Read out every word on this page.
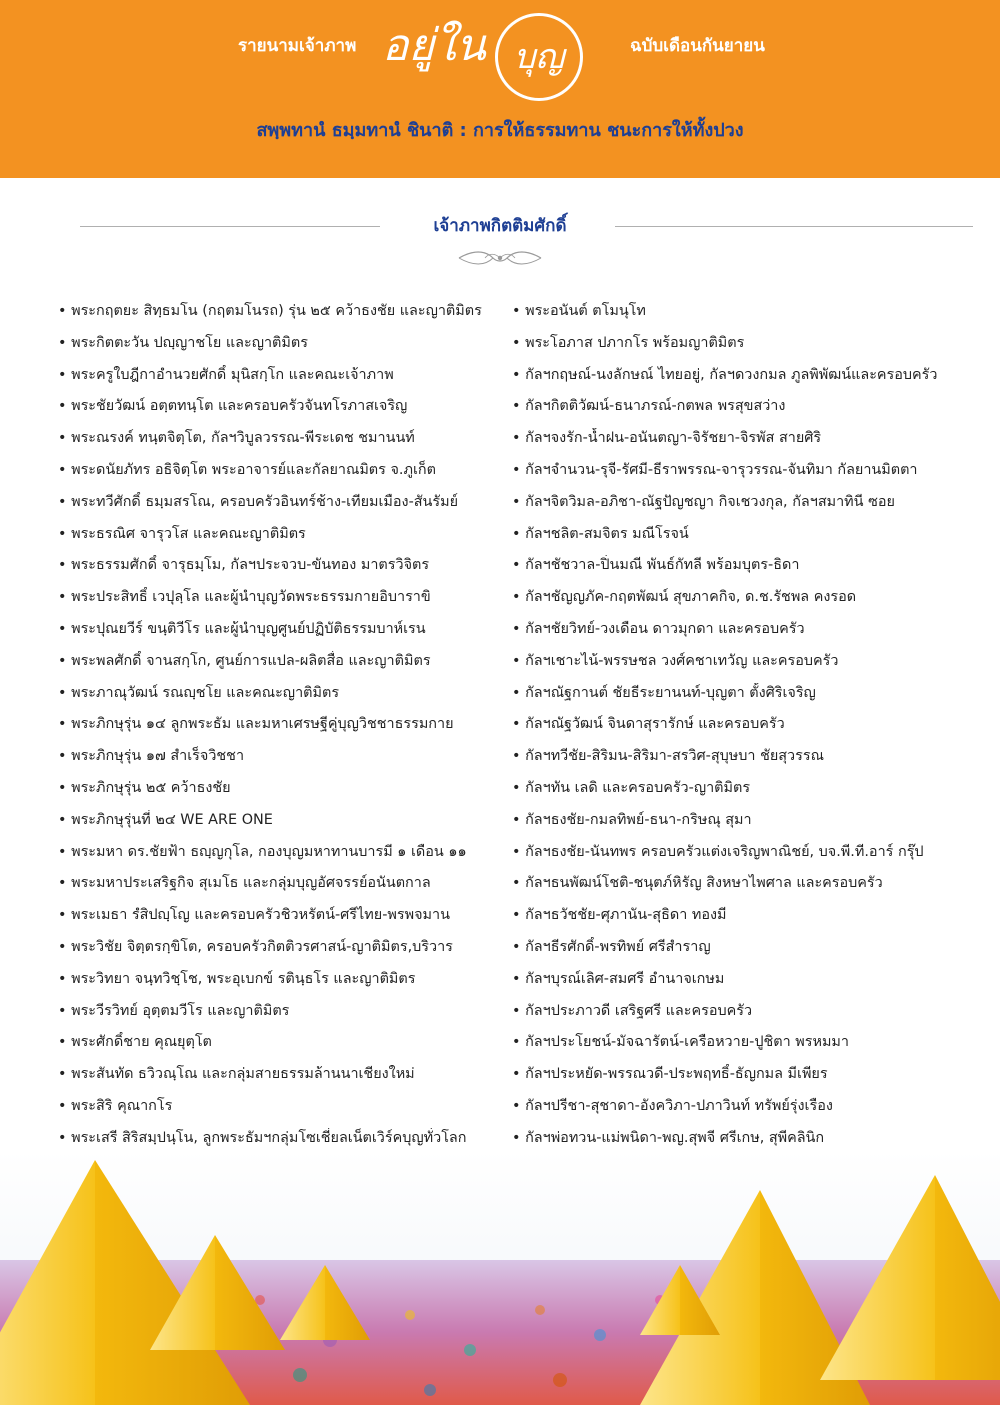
รายนามเจ้าภาพ อยู่ใน บุญ	ฉบับเดือนกันยายน
สพฺพทานํ ธมฺมทานํ ชินาติ : การให้ธรรมทาน ชนะการให้ทั้งปวง
เจ้าภาพกิตติมศักดิ์
• พระกฤตยะ สิทฺธมโน (กฤตมโนรถ) รุ่น ๒๕ คว้าธงชัย และญาติมิตร
• พระกิตตะวัน ปญฺญาชโย และญาติมิตร
• พระครูใบฎีกาอำนวยศักดิ์ มุนิสกฺโก และคณะเจ้าภาพ
• พระชัยวัฒน์ อตฺตทนฺโต และครอบครัวจันทโรภาสเจริญ
• พระณรงค์ ทนฺตจิตฺโต, กัลฯวิบูลวรรณ-พีระเดช ชมานนท์
• พระดนัยภัทร อธิจิตฺโต พระอาจารย์และกัลยาณมิตร จ.ภูเก็ต
• พระทวีศักดิ์ ธมฺมสรโณ, ครอบครัวอินทร์ช้าง-เทียมเมือง-สันรัมย์
• พระธรณิศ จารุวโส และคณะญาติมิตร
• พระธรรมศักดิ์ จารุธมฺโม, กัลฯประจวบ-ขันทอง มาตรวิจิตร
• พระประสิทธิ์ เวปุลฺโล และผู้นำบุญวัดพระธรรมกายอิบาราขิ
• พระปุณยวีร์ ขนฺติวีโร และผู้นำบุญศูนย์ปฏิบัติธรรมบาห์เรน
• พระพลศักดิ์ จานสกฺโก, ศูนย์การแปล-ผลิตสื่อ และญาติมิตร
• พระภาณุวัฒน์ รณญฺชโย และคณะญาติมิตร
• พระภิกษุรุ่น ๑๔ ลูกพระธัม และมหาเศรษฐีคู่บุญวิชชาธรรมกาย
• พระภิกษุรุ่น ๑๗ สำเร็จวิชชา
• พระภิกษุรุ่น ๒๕ คว้าธงชัย
• พระภิกษุรุ่นที่ ๒๔ WE ARE ONE
• พระมหา ดร.ชัยฟ้า ธญฺญกุโล, กองบุญมหาทานบารมี ๑ เดือน ๑๑
• พระมหาประเสริฐกิจ สุเมโธ และกลุ่มบุญอัศจรรย์อนันตกาล
• พระเมธา รํสิปญฺโญ และครอบครัวชิวหรัตน์-ศรีไทย-พรพจมาน
• พระวิชัย จิตฺตรกฺขิโต, ครอบครัวกิตติวรศาสน์-ญาติมิตร,บริวาร
• พระวิทยา จนฺทวิชฺโช, พระอุเบกข์ รตินฺธโร และญาติมิตร
• พระวีรวิทย์ อุตฺตมวีโร และญาติมิตร
• พระศักดิ์ชาย คุณยุตฺโต
• พระสันทัด ธวิวณฺโณ และกลุ่มสายธรรมล้านนาเชียงใหม่
• พระสิริ คุณากโร
• พระเสรี สิริสมฺปนฺโน, ลูกพระธัมฯกลุ่มโซเชี่ยลเน็ตเวิร์คบุญทั่วโลก
• พระอนันต์ ตโมนุโท
• พระโอภาส ปภากโร พร้อมญาติมิตร
• กัลฯกฤษณ์-นงลักษณ์ ไทยอยู่, กัลฯดวงกมล ภูลพิพัฒน์และครอบครัว
• กัลฯกิตติวัฒน์-ธนาภรณ์-กตพล พรสุขสว่าง
• กัลฯจงรัก-น้ำฝน-อนันตญา-จิรัชยา-จิรพัส สายศิริ
• กัลฯจำนวน-รุจี-รัศมี-ธีราพรรณ-จารุวรรณ-จันทิมา กัลยานมิตตา
• กัลฯจิตวิมล-อภิชา-ณัฐปัญชญา กิจเชวงกุล, กัลฯสมาทินี ซอย
• กัลฯชลิต-สมจิตร มณีโรจน์
• กัลฯชัชวาล-ปิ่นมณี พันธ์กัทลี พร้อมบุตร-ธิดา
• กัลฯชัญญภัค-กฤตพัฒน์ สุขภาคกิจ, ด.ช.รัชพล คงรอด
• กัลฯชัยวิทย์-วงเดือน ดาวมุกดา และครอบครัว
• กัลฯเชาะไน้-พรรษชล วงศ์คชาเทวัญ และครอบครัว
• กัลฯณัฐกานต์ ชัยธีระยานนท์-บุญตา ตั้งศิริเจริญ
• กัลฯณัฐวัฒน์ จินดาสุรารักษ์ และครอบครัว
• กัลฯทวีชัย-สิริมน-สิริมา-สรวิศ-สุบุษบา ชัยสุวรรณ
• กัลฯทัน เลดิ และครอบครัว-ญาติมิตร
• กัลฯธงชัย-กมลทิพย์-ธนา-กริษณุ สุมา
• กัลฯธงชัย-นันทพร ครอบครัวแต่งเจริญพาณิชย์, บจ.พี.ที.อาร์ กรุ๊ป
• กัลฯธนพัฒน์โชติ-ชนุตภ์หิรัญ สิงหษาไพศาล และครอบครัว
• กัลฯธวัชชัย-ศุภานัน-สุธิดา ทองมี
• กัลฯธีรศักดิ์-พรทิพย์ ศรีสำราญ
• กัลฯบุรณ์เลิศ-สมศรี อำนาจเกษม
• กัลฯประภาวดี เสริฐศรี และครอบครัว
• กัลฯประโยชน์-มัจฉารัตน์-เครือหวาย-ปูชิตา พรหมมา
• กัลฯประหยัด-พรรณวดี-ประพฤทธิ์-ธัญกมล มีเพียร
• กัลฯปรีชา-สุชาดา-อังควิภา-ปภาวินท์ ทรัพย์รุ่งเรือง
• กัลฯพ่อทวน-แม่พนิดา-พญ.สุพจี ศรีเกษ, สุพีคลินิก
